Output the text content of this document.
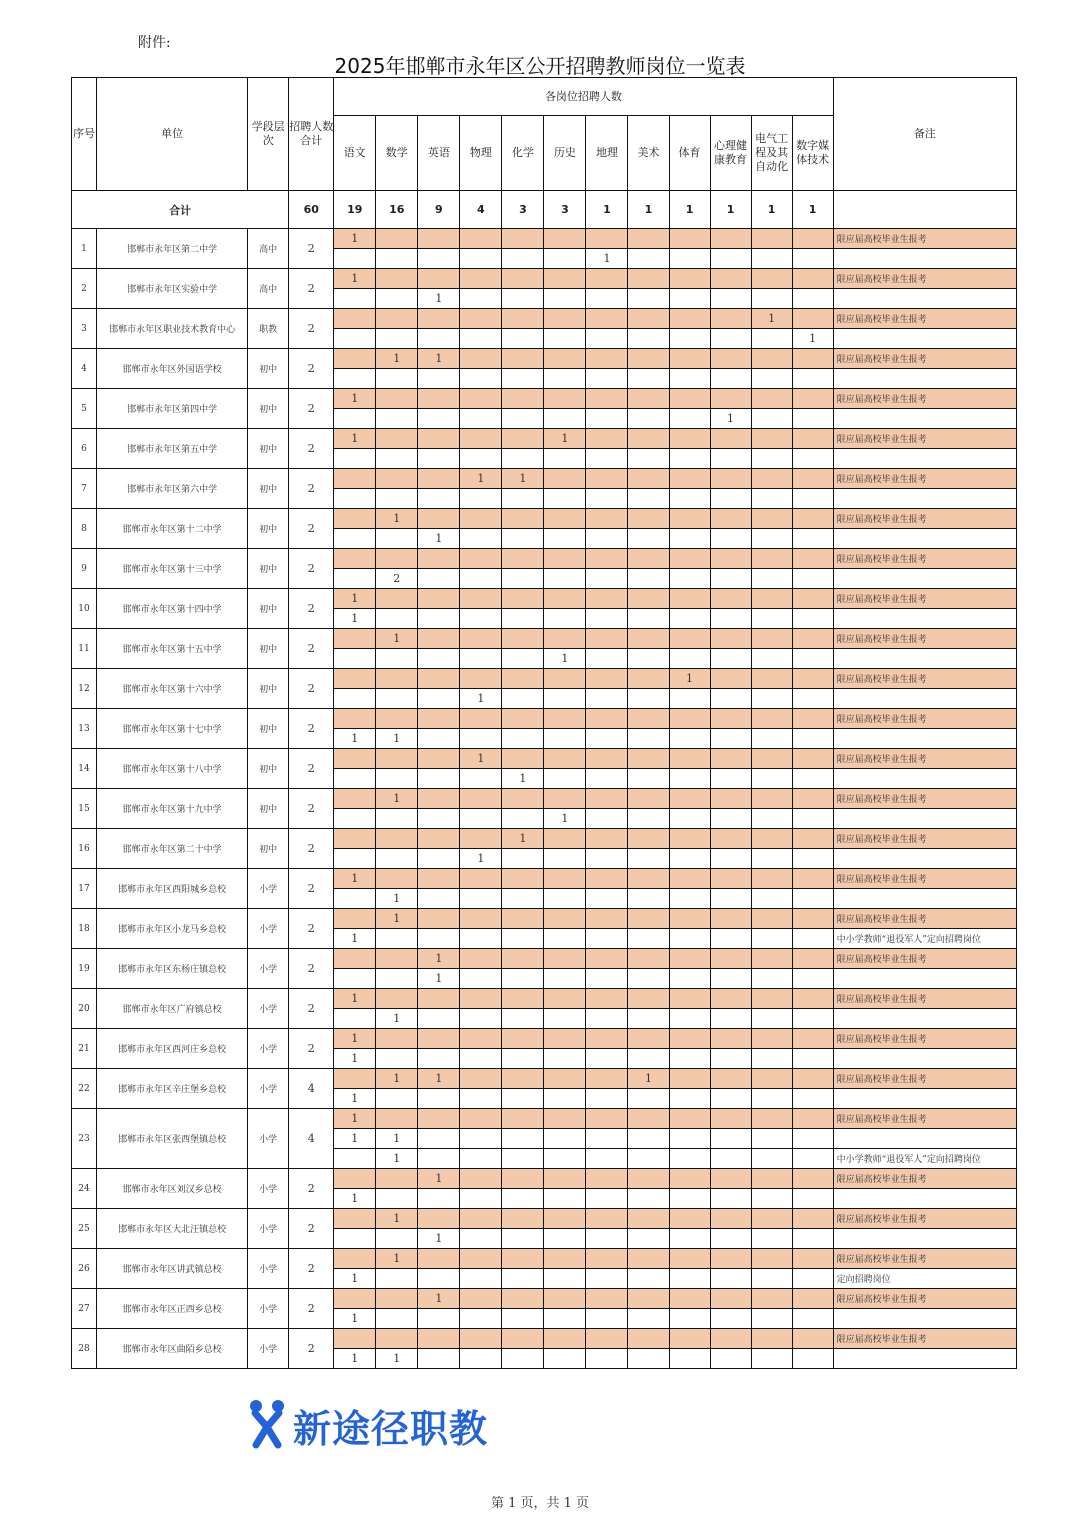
附件:
2025年邯郸市永年区公开招聘教师岗位一览表
序号	单位	学段层次	招聘人数合计	各岗位招聘人数												备注
				语文	数学	英语	物理	化学	历史	地理	美术	体育	心理健康教育	电气工程及其自动化	数字媒体技术	
合计			60	19	16	9	4	3	3	1	1	1	1	1	1	
1	邯郸市永年区第二中学	高中	2	1												限应届高校毕业生报考
										1						
2	邯郸市永年区实验中学	高中	2	1												限应届高校毕业生报考
						1										
3	邯郸市永年区职业技术教育中心	职教	2											1		限应届高校毕业生报考
															1	
4	邯郸市永年区外国语学校	初中	2		1	1										限应届高校毕业生报考

5	邯郸市永年区第四中学	初中	2	1												限应届高校毕业生报考
													1			
6	邯郸市永年区第五中学	初中	2	1					1							限应届高校毕业生报考

7	邯郸市永年区第六中学	初中	2				1	1								限应届高校毕业生报考

8	邯郸市永年区第十二中学	初中	2		1											限应届高校毕业生报考
						1										
9	邯郸市永年区第十三中学	初中	2													限应届高校毕业生报考
					2											
10	邯郸市永年区第十四中学	初中	2	1												限应届高校毕业生报考
				1												
11	邯郸市永年区第十五中学	初中	2		1											限应届高校毕业生报考
									1							
12	邯郸市永年区第十六中学	初中	2									1				限应届高校毕业生报考
							1									
13	邯郸市永年区第十七中学	初中	2													限应届高校毕业生报考
				1	1											
14	邯郸市永年区第十八中学	初中	2				1									限应届高校毕业生报考
								1								
15	邯郸市永年区第十九中学	初中	2		1											限应届高校毕业生报考
									1							
16	邯郸市永年区第二十中学	初中	2					1								限应届高校毕业生报考
							1									
17	邯郸市永年区西阳城乡总校	小学	2	1												限应届高校毕业生报考
					1											
18	邯郸市永年区小龙马乡总校	小学	2		1											限应届高校毕业生报考
				1												中小学教师“退役军人”定向招聘岗位
19	邯郸市永年区东杨庄镇总校	小学	2			1										限应届高校毕业生报考
						1										
20	邯郸市永年区广府镇总校	小学	2	1												限应届高校毕业生报考
					1											
21	邯郸市永年区西河庄乡总校	小学	2	1												限应届高校毕业生报考
				1												
22	邯郸市永年区辛庄堡乡总校	小学	4		1	1					1					限应届高校毕业生报考
				1												
23	邯郸市永年区张西堡镇总校	小学	4	1												限应届高校毕业生报考
				1	1											
					1											中小学教师“退役军人”定向招聘岗位
24	邯郸市永年区刘汉乡总校	小学	2			1										限应届高校毕业生报考
				1												
25	邯郸市永年区大北汪镇总校	小学	2		1											限应届高校毕业生报考
						1										
26	邯郸市永年区讲武镇总校	小学	2		1											限应届高校毕业生报考
				1												定向招聘岗位
27	邯郸市永年区正西乡总校	小学	2			1										限应届高校毕业生报考
				1												
28	邯郸市永年区曲陌乡总校	小学	2													限应届高校毕业生报考
				1	1											
新途径职教
第 1 页，共 1 页
